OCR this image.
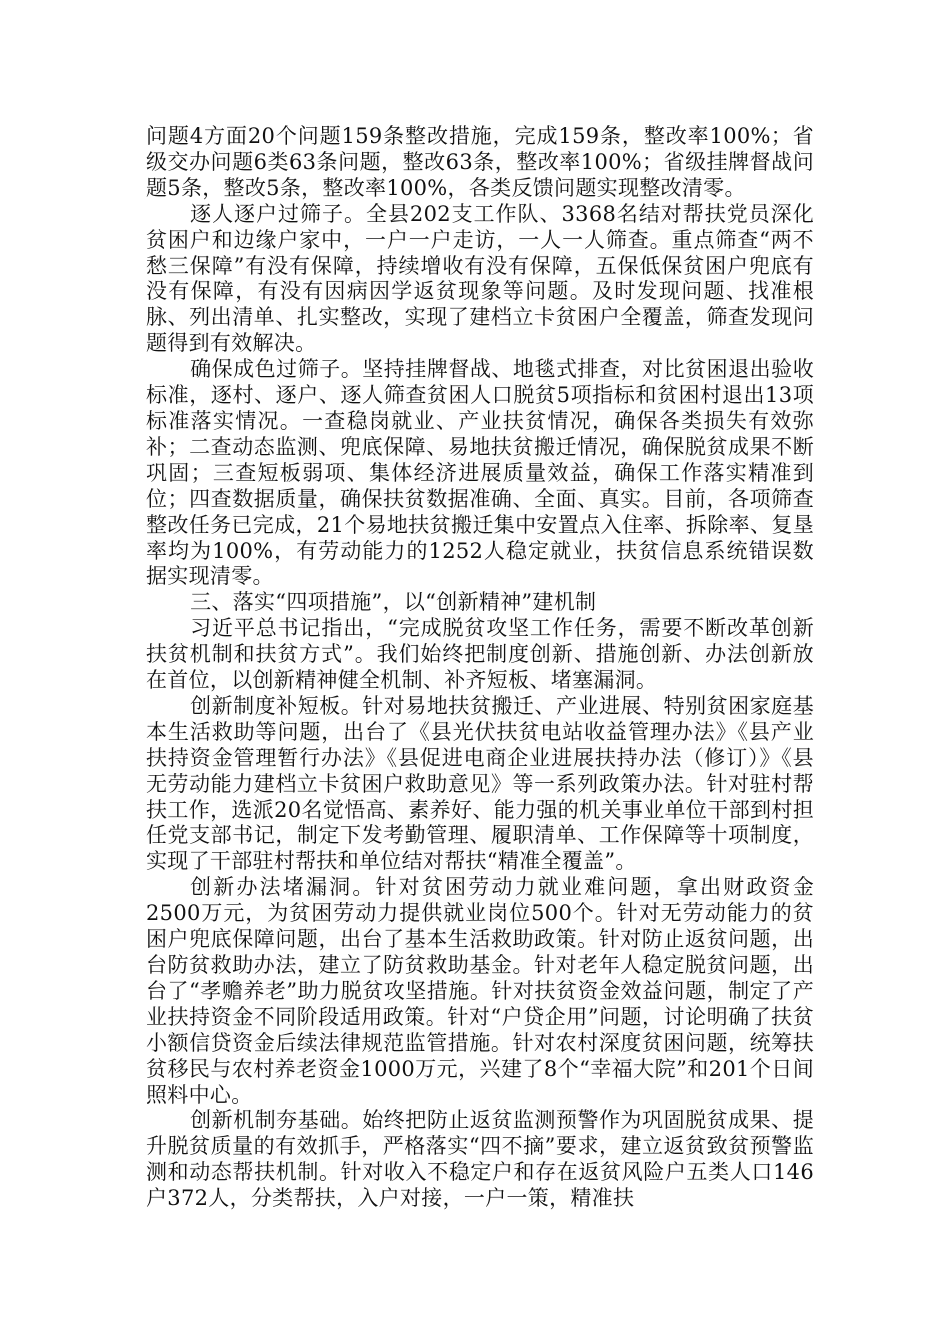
问题4方面20个问题159条整改措施，完成159条，整改率100%；省级交办问题6类63条问题，整改63条，整改率100%；省级挂牌督战问题5条，整改5条，整改率100%，各类反馈问题实现整改清零。

逐人逐户过筛子。全县202支工作队、3368名结对帮扶党员深化贫困户和边缘户家中，一户一户走访，一人一人筛查。重点筛查“两不愁三保障”有没有保障，持续增收有没有保障，五保低保贫困户兜底有没有保障，有没有因病因学返贫现象等问题。及时发现问题、找准根脉、列出清单、扎实整改，实现了建档立卡贫困户全覆盖，筛查发现问题得到有效解决。

确保成色过筛子。坚持挂牌督战、地毯式排查，对比贫困退出验收标准，逐村、逐户、逐人筛查贫困人口脱贫5项指标和贫困村退出13项标准落实情况。一查稳岗就业、产业扶贫情况，确保各类损失有效弥补；二查动态监测、兜底保障、易地扶贫搬迁情况，确保脱贫成果不断巩固；三查短板弱项、集体经济进展质量效益，确保工作落实精准到位；四查数据质量，确保扶贫数据准确、全面、真实。目前，各项筛查整改任务已完成，21个易地扶贫搬迁集中安置点入住率、拆除率、复垦率均为100%，有劳动能力的1252人稳定就业，扶贫信息系统错误数据实现清零。

三、落实“四项措施”，以“创新精神”建机制

习近平总书记指出，“完成脱贫攻坚工作任务，需要不断改革创新扶贫机制和扶贫方式”。我们始终把制度创新、措施创新、办法创新放在首位，以创新精神健全机制、补齐短板、堵塞漏洞。

创新制度补短板。针对易地扶贫搬迁、产业进展、特别贫困家庭基本生活救助等问题，出台了《县光伏扶贫电站收益管理办法》《县产业扶持资金管理暂行办法》《县促进电商企业进展扶持办法（修订）》《县无劳动能力建档立卡贫困户救助意见》等一系列政策办法。针对驻村帮扶工作，选派20名觉悟高、素养好、能力强的机关事业单位干部到村担任党支部书记，制定下发考勤管理、履职清单、工作保障等十项制度，实现了干部驻村帮扶和单位结对帮扶“精准全覆盖”。

创新办法堵漏洞。针对贫困劳动力就业难问题，拿出财政资金2500万元，为贫困劳动力提供就业岗位500个。针对无劳动能力的贫困户兜底保障问题，出台了基本生活救助政策。针对防止返贫问题，出台防贫救助办法，建立了防贫救助基金。针对老年人稳定脱贫问题，出台了“孝赡养老”助力脱贫攻坚措施。针对扶贫资金效益问题，制定了产业扶持资金不同阶段适用政策。针对“户贷企用”问题，讨论明确了扶贫小额信贷资金后续法律规范监管措施。针对农村深度贫困问题，统筹扶贫移民与农村养老资金1000万元，兴建了8个“幸福大院”和201个日间照料中心。

创新机制夯基础。始终把防止返贫监测预警作为巩固脱贫成果、提升脱贫质量的有效抓手，严格落实“四不摘”要求，建立返贫致贫预警监测和动态帮扶机制。针对收入不稳定户和存在返贫风险户五类人口146户372人，分类帮扶，入户对接，一户一策，精准扶
